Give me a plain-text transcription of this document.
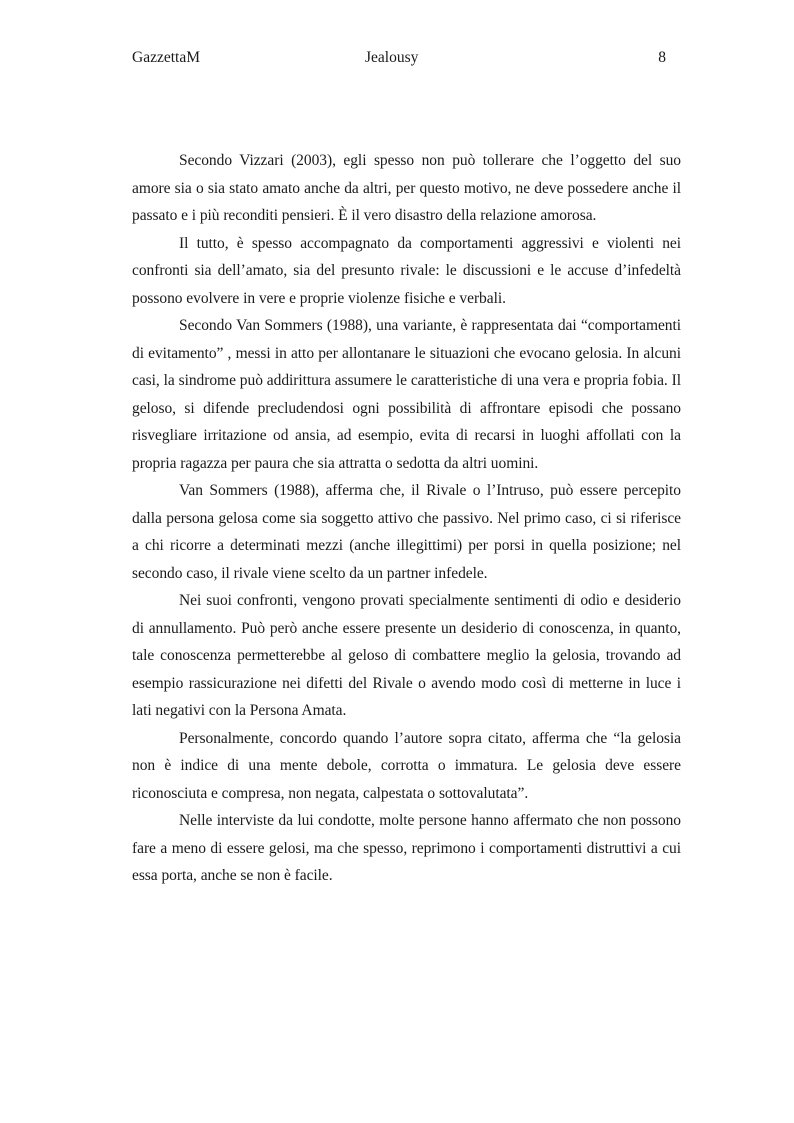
GazzettaM	Jealousy	8

Secondo Vizzari (2003), egli spesso non può tollerare che l’oggetto del suo amore sia o sia stato amato anche da altri, per questo motivo, ne deve possedere anche il passato e i più reconditi pensieri. È il vero disastro della relazione amorosa.

Il tutto, è spesso accompagnato da comportamenti aggressivi e violenti nei confronti sia dell’amato, sia del presunto rivale: le discussioni e le accuse d’infedeltà possono evolvere in vere e proprie violenze fisiche e verbali.

Secondo Van Sommers (1988), una variante, è rappresentata dai “comportamenti di evitamento” , messi in atto per allontanare le situazioni che evocano gelosia. In alcuni casi, la sindrome può addirittura assumere le caratteristiche di una vera e propria fobia. Il geloso, si difende precludendosi ogni possibilità di affrontare episodi che possano risvegliare irritazione od ansia, ad esempio, evita di recarsi in luoghi affollati con la propria ragazza per paura che sia attratta o sedotta da altri uomini.

Van Sommers (1988), afferma che, il Rivale o l’Intruso, può essere percepito dalla persona gelosa come sia soggetto attivo che passivo. Nel primo caso, ci si riferisce a chi ricorre a determinati mezzi (anche illegittimi) per porsi in quella posizione; nel secondo caso, il rivale viene scelto da un partner infedele.

Nei suoi confronti, vengono provati specialmente sentimenti di odio e desiderio di annullamento. Può però anche essere presente un desiderio di conoscenza, in quanto, tale conoscenza permetterebbe al geloso di combattere meglio la gelosia, trovando ad esempio rassicurazione nei difetti del Rivale o avendo modo così di metterne in luce i lati negativi con la Persona Amata.

Personalmente, concordo quando l’autore sopra citato, afferma che “la gelosia non è indice di una mente debole, corrotta o immatura. Le gelosia deve essere riconosciuta e compresa, non negata, calpestata o sottovalutata”.

Nelle interviste da lui condotte, molte persone hanno affermato che non possono fare a meno di essere gelosi, ma che spesso, reprimono i comportamenti distruttivi a cui essa porta, anche se non è facile.
